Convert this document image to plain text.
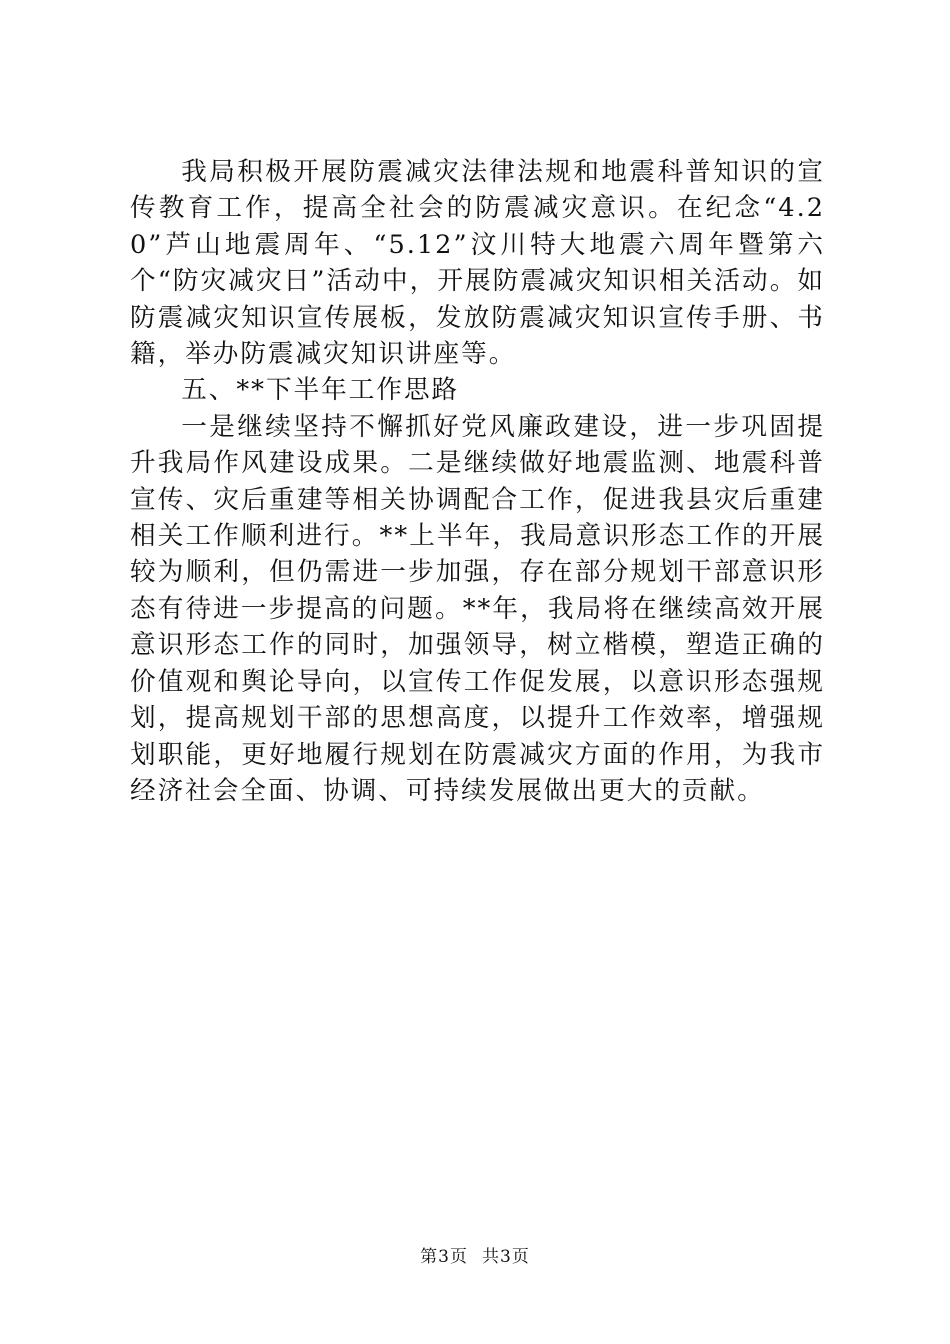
我局积极开展防震减灾法律法规和地震科普知识的宣传教育工作，提高全社会的防震减灾意识。在纪念“4.20”芦山地震周年、“5.12”汶川特大地震六周年暨第六个“防灾减灾日”活动中，开展防震减灾知识相关活动。如防震减灾知识宣传展板，发放防震减灾知识宣传手册、书籍，举办防震减灾知识讲座等。

五、**下半年工作思路

一是继续坚持不懈抓好党风廉政建设，进一步巩固提升我局作风建设成果。二是继续做好地震监测、地震科普宣传、灾后重建等相关协调配合工作，促进我县灾后重建相关工作顺利进行。**上半年，我局意识形态工作的开展较为顺利，但仍需进一步加强，存在部分规划干部意识形态有待进一步提高的问题。**年，我局将在继续高效开展意识形态工作的同时，加强领导，树立楷模，塑造正确的价值观和舆论导向，以宣传工作促发展，以意识形态强规划，提高规划干部的思想高度，以提升工作效率，增强规划职能，更好地履行规划在防震减灾方面的作用，为我市经济社会全面、协调、可持续发展做出更大的贡献。

第3页 共3页
